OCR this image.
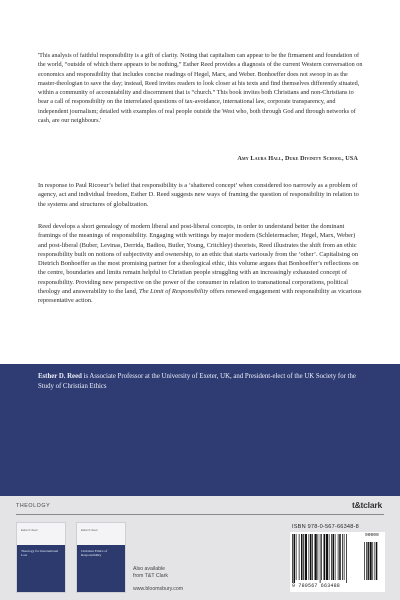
'This analysis of faithful responsibility is a gift of clarity. Noting that capitalism can appear to be the firmament and foundation of the world, “outside of which there appears to be nothing,” Esther Reed provides a diagnosis of the current Western conversation on economics and responsibility that includes concise readings of Hegel, Marx, and Weber. Bonhoeffer does not swoop in as the master-theologian to save the day; instead, Reed invites readers to look closer at his texts and find themselves differently situated, within a community of accountability and discernment that is “church.” This book invites both Christians and non-Christians to bear a call of responsibility on the interrelated questions of tax-avoidance, international law, corporate transparency, and independent journalism; detailed with examples of real people outside the West who, both through God and through networks of cash, are our neighbours.'

Amy Laura Hall, Duke Divinity School, USA

In response to Paul Ricoeur’s belief that responsibility is a ‘shattered concept’ when considered too narrowly as a problem of agency, act and individual freedom, Esther D. Reed suggests new ways of framing the question of responsibility in relation to the systems and structures of globalization.

Reed develops a short genealogy of modern liberal and post-liberal concepts, in order to understand better the dominant framings of the meanings of responsibility. Engaging with writings by major modern (Schleiermacher, Hegel, Marx, Weber) and post-liberal (Buber, Levinas, Derrida, Badiou, Butler, Young, Critchley) theorists, Reed illustrates the shift from an ethic responsibility built on notions of subjectivity and ownership, to an ethic that starts variously from the ‘other’. Capitalising on Dietrich Bonhoeffer as the most promising partner for a theological ethic, this volume argues that Bonhoeffer’s reflections on the centre, boundaries and limits remain helpful to Christian people struggling with an increasingly exhausted concept of responsibility. Providing new perspective on the power of the consumer in relation to transnational corporations, political theology and answerability to the land, The Limit of Responsibility offers renewed engagement with responsibility as vicarious representative action.

Esther D. Reed is Associate Professor at the University of Exeter, UK, and President-elect of the UK Society for the Study of Christian Ethics

THEOLOGY	t&tclark
Esther D. Reed
Theology for International Law
Esther D. Reed
Christian Ethics of Responsibility
Also available
from T&T Clark
www.bloomsbury.com
ISBN 978-0-567-66348-8
9 780567 663488
90000
